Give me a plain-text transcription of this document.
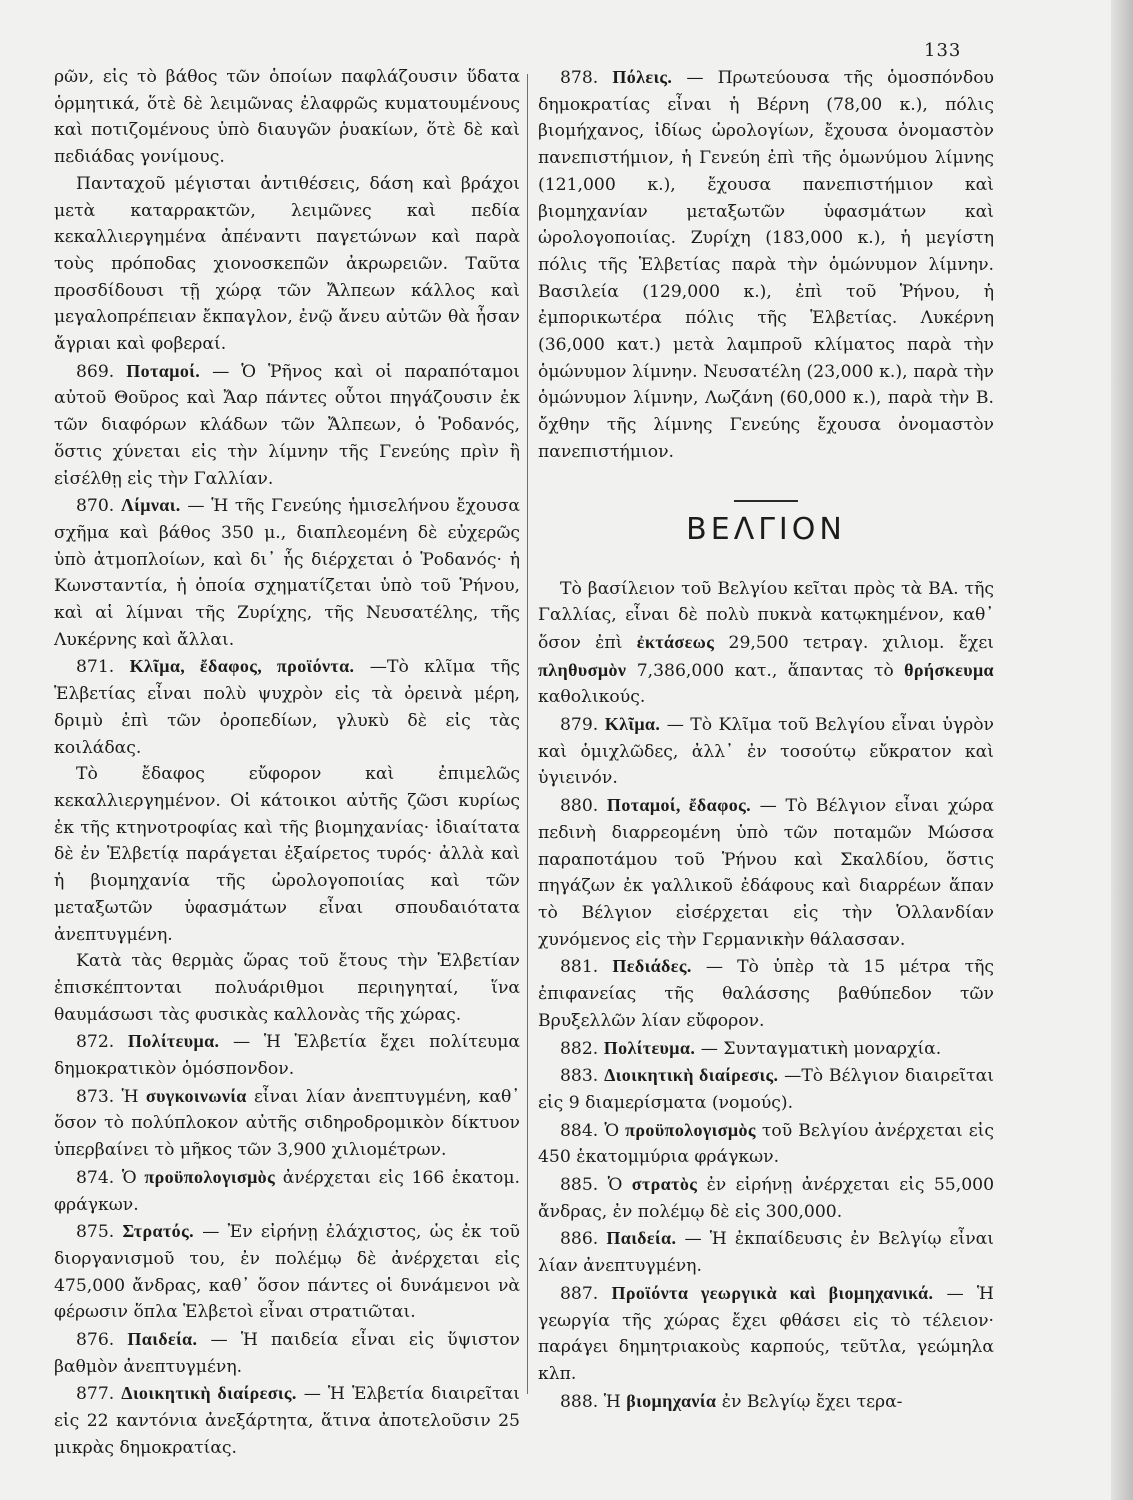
133

ρῶν, εἰς τὸ βάθος τῶν ὁποίων παφλάζουσιν ὕδατα ὁρμητικά, ὅτὲ δὲ λειμῶνας ἐλαφρῶς κυματουμένους καὶ ποτιζομένους ὑπὸ διαυγῶν ῥυακίων, ὅτὲ δὲ καὶ πεδιάδας γονίμους.

Πανταχοῦ μέγισται ἀντιθέσεις, δάση καὶ βράχοι μετὰ καταρρακτῶν, λειμῶνες καὶ πεδία κεκαλλιεργημένα ἀπέναντι παγετώνων καὶ παρὰ τοὺς πρόποδας χιονοσκεπῶν ἀκρωρειῶν. Ταῦτα προσδίδουσι τῇ χώρᾳ τῶν Ἄλπεων κάλλος καὶ μεγαλοπρέπειαν ἔκπαγλον, ἐνῷ ἄνευ αὐτῶν θὰ ἦσαν ἄγριαι καὶ φοβεραί.

869. Ποταμοί. — Ὁ Ῥῆνος καὶ οἱ παραπόταμοι αὐτοῦ Θοῦρος καὶ Ἄαρ πάντες οὗτοι πηγάζουσιν ἐκ τῶν διαφόρων κλάδων τῶν Ἄλπεων, ὁ Ῥοδανός, ὅστις χύνεται εἰς τὴν λίμνην τῆς Γενεύης πρὶν ἢ εἰσέλθῃ εἰς τὴν Γαλλίαν.

870. Λίμναι. — Ἡ τῆς Γενεύης ἡμισελήνου ἔχουσα σχῆμα καὶ βάθος 350 μ., διαπλεομένη δὲ εὐχερῶς ὑπὸ ἀτμοπλοίων, καὶ δι᾽ ἧς διέρχεται ὁ Ῥοδανός· ἡ Κωνσταντία, ἡ ὁποία σχηματίζεται ὑπὸ τοῦ Ῥήνου, καὶ αἱ λίμναι τῆς Ζυρίχης, τῆς Νευσατέλης, τῆς Λυκέρνης καὶ ἄλλαι.

871. Κλῖμα, ἔδαφος, προϊόντα. —Τὸ κλῖμα τῆς Ἑλβετίας εἶναι πολὺ ψυχρὸν εἰς τὰ ὀρεινὰ μέρη, δριμὺ ἐπὶ τῶν ὀροπεδίων, γλυκὺ δὲ εἰς τὰς κοιλάδας.

Τὸ ἔδαφος εὔφορον καὶ ἐπιμελῶς κεκαλλιεργημένον. Οἱ κάτοικοι αὐτῆς ζῶσι κυρίως ἐκ τῆς κτηνοτροφίας καὶ τῆς βιομηχανίας· ἰδιαίτατα δὲ ἐν Ἑλβετίᾳ παράγεται ἐξαίρετος τυρός· ἀλλὰ καὶ ἡ βιομηχανία τῆς ὡρολογοποιίας καὶ τῶν μεταξωτῶν ὑφασμάτων εἶναι σπουδαιότατα ἀνεπτυγμένη.

Κατὰ τὰς θερμὰς ὥρας τοῦ ἔτους τὴν Ἑλβετίαν ἐπισκέπτονται πολυάριθμοι περιηγηταί, ἵνα θαυμάσωσι τὰς φυσικὰς καλλονὰς τῆς χώρας.

872. Πολίτευμα. — Ἡ Ἑλβετία ἔχει πολίτευμα δημοκρατικὸν ὁμόσπονδον.

873. Ἡ συγκοινωνία εἶναι λίαν ἀνεπτυγμένη, καθ᾽ ὅσον τὸ πολύπλοκον αὐτῆς σιδηροδρομικὸν δίκτυον ὑπερβαίνει τὸ μῆκος τῶν 3,900 χιλιομέτρων.

874. Ὁ προϋπολογισμὸς ἀνέρχεται εἰς 166 ἑκατομ. φράγκων.

875. Στρατός. — Ἐν εἰρήνῃ ἐλάχιστος, ὡς ἐκ τοῦ διοργανισμοῦ του, ἐν πολέμῳ δὲ ἀνέρχεται εἰς 475,000 ἄνδρας, καθ᾽ ὅσον πάντες οἱ δυνάμενοι νὰ φέρωσιν ὅπλα Ἑλβετοὶ εἶναι στρατιῶται.

876. Παιδεία. — Ἡ παιδεία εἶναι εἰς ὕψιστον βαθμὸν ἀνεπτυγμένη.

877. Διοικητικὴ διαίρεσις. — Ἡ Ἑλβετία διαιρεῖται εἰς 22 καντόνια ἀνεξάρτητα, ἅτινα ἀποτελοῦσιν 25 μικρὰς δημοκρατίας.

878. Πόλεις. — Πρωτεύουσα τῆς ὁμοσπόνδου δημοκρατίας εἶναι ἡ Βέρνη (78,00 κ.), πόλις βιομήχανος, ἰδίως ὡρολογίων, ἔχουσα ὀνομαστὸν πανεπιστήμιον, ἡ Γενεύη ἐπὶ τῆς ὁμωνύμου λίμνης (121,000 κ.), ἔχουσα πανεπιστήμιον καὶ βιομηχανίαν μεταξωτῶν ὑφασμάτων καὶ ὡρολογοποιίας. Ζυρίχη (183,000 κ.), ἡ μεγίστη πόλις τῆς Ἑλβετίας παρὰ τὴν ὁμώνυμον λίμνην. Βασιλεία (129,000 κ.), ἐπὶ τοῦ Ῥήνου, ἡ ἐμπορικωτέρα πόλις τῆς Ἑλβετίας. Λυκέρνη (36,000 κατ.) μετὰ λαμπροῦ κλίματος παρὰ τὴν ὁμώνυμον λίμνην. Νευσατέλη (23,000 κ.), παρὰ τὴν ὁμώνυμον λίμνην, Λωζάνη (60,000 κ.), παρὰ τὴν Β. ὄχθην τῆς λίμνης Γενεύης ἔχουσα ὀνομαστὸν πανεπιστήμιον.

ΒΕΛΓΙΟΝ

Τὸ βασίλειον τοῦ Βελγίου κεῖται πρὸς τὰ ΒΑ. τῆς Γαλλίας, εἶναι δὲ πολὺ πυκνὰ κατῳκημένον, καθ᾽ ὅσον ἐπὶ ἐκτάσεως 29,500 τετραγ. χιλιομ. ἔχει πληθυσμὸν 7,386,000 κατ., ἅπαντας τὸ θρήσκευμα καθολικούς.

879. Κλῖμα. — Τὸ Κλῖμα τοῦ Βελγίου εἶναι ὑγρὸν καὶ ὁμιχλῶδες, ἀλλ᾽ ἐν τοσούτῳ εὔκρατον καὶ ὑγιεινόν.

880. Ποταμοί, ἔδαφος. — Τὸ Βέλγιον εἶναι χώρα πεδινὴ διαρρεομένη ὑπὸ τῶν ποταμῶν Μώσσα παραποτάμου τοῦ Ῥήνου καὶ Σκαλδίου, ὅστις πηγάζων ἐκ γαλλικοῦ ἐδάφους καὶ διαρρέων ἅπαν τὸ Βέλγιον εἰσέρχεται εἰς τὴν Ὁλλανδίαν χυνόμενος εἰς τὴν Γερμανικὴν θάλασσαν.

881. Πεδιάδες. — Τὸ ὑπὲρ τὰ 15 μέτρα τῆς ἐπιφανείας τῆς θαλάσσης βαθύπεδον τῶν Βρυξελλῶν λίαν εὔφορον.

882. Πολίτευμα. — Συνταγματικὴ μοναρχία.

883. Διοικητικὴ διαίρεσις. —Τὸ Βέλγιον διαιρεῖται εἰς 9 διαμερίσματα (νομούς).

884. Ὁ προϋπολογισμὸς τοῦ Βελγίου ἀνέρχεται εἰς 450 ἑκατομμύρια φράγκων.

885. Ὁ στρατὸς ἐν εἰρήνῃ ἀνέρχεται εἰς 55,000 ἄνδρας, ἐν πολέμῳ δὲ εἰς 300,000.

886. Παιδεία. — Ἡ ἐκπαίδευσις ἐν Βελγίῳ εἶναι λίαν ἀνεπτυγμένη.

887. Προϊόντα γεωργικὰ καὶ βιομηχανικά. — Ἡ γεωργία τῆς χώρας ἔχει φθάσει εἰς τὸ τέλειον· παράγει δημητριακοὺς καρπούς, τεῦτλα, γεώμηλα κλπ.

888. Ἡ βιομηχανία ἐν Βελγίῳ ἔχει τερα-
